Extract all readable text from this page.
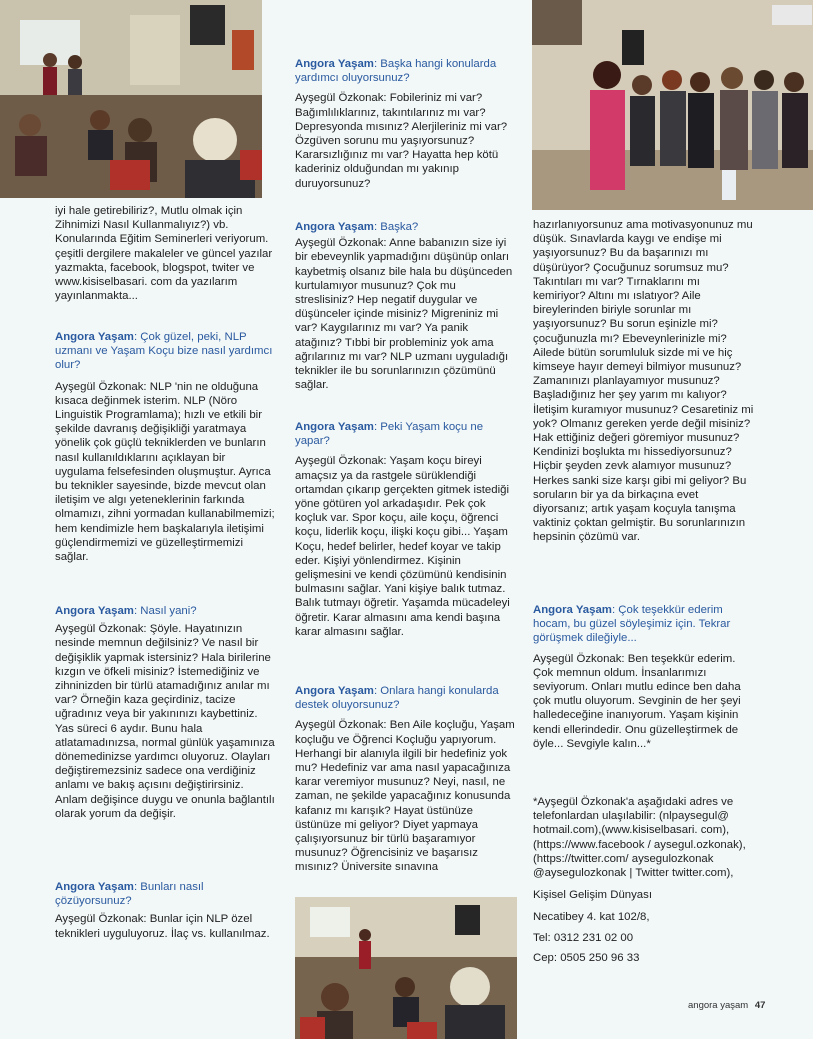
iyi hale getirebiliriz?, Mutlu olmak için Zihnimizi Nasıl Kullanmalıyız?) vb. Konularında Eğitim Seminerleri veriyorum. çeşitli dergilere makaleler ve güncel yazılar yazmakta, facebook, blogspot, twiter ve www.kisiselbasari. com da yazılarım yayınlanmakta...

Angora Yaşam: Çok güzel, peki, NLP uzmanı ve Yaşam Koçu bize nasıl yardımcı olur?

Ayşegül Özkonak: NLP 'nin ne olduğuna kısaca değinmek isterim. NLP (Nöro Linguistik Programlama); hızlı ve etkili bir şekilde davranış değişikliği yaratmaya yönelik çok güçlü tekniklerden ve bunların nasıl kullanıldıklarını açıklayan bir uygulama felsefesinden oluşmuştur. Ayrıca bu teknikler sayesinde, bizde mevcut olan iletişim ve algı yeteneklerinin farkında olmamızı, zihni yormadan kullanabilmemizi; hem kendimizle hem başkalarıyla iletişimi güçlendirmemizi ve güzelleştirmemizi sağlar.

Angora Yaşam: Nasıl yani?

Ayşegül Özkonak: Şöyle. Hayatınızın nesinde memnun değilsiniz? Ve nasıl bir değişiklik yapmak istersiniz? Hala birilerine kızgın ve öfkeli misiniz? İstemediğiniz ve zihninizden bir türlü atamadığınız anılar mı var? Örneğin kaza geçirdiniz, tacize uğradınız veya bir yakınınızı kaybettiniz. Yas süreci 6 aydır. Bunu hala atlatamadınızsa, normal günlük yaşamınıza dönemedinizse yardımcı oluyoruz. Olayları değiştiremezsiniz sadece ona verdiğiniz anlamı ve bakış açısını değiştirirsiniz. Anlam değişince duygu ve onunla bağlantılı olarak yorum da değişir.

Angora Yaşam: Bunları nasıl çözüyorsunuz?

Ayşegül Özkonak: Bunlar için NLP özel teknikleri uyguluyoruz. İlaç vs. kullanılmaz.

Angora Yaşam: Başka hangi konularda yardımcı oluyorsunuz?

Ayşegül Özkonak: Fobileriniz mi var? Bağımlılıklarınız, takıntılarınız mı var? Depresyonda mısınız? Alerjileriniz mi var? Özgüven sorunu mu yaşıyorsunuz? Kararsızlığınız mı var? Hayatta hep kötü kaderiniz olduğundan mı yakınıp duruyorsunuz?

Angora Yaşam: Başka?

Ayşegül Özkonak: Anne babanızın size iyi bir ebeveynlik yapmadığını düşünüp onları kaybetmiş olsanız bile hala bu düşünceden kurtulamıyor musunuz? Çok mu streslisiniz? Hep negatif duygular ve düşünceler içinde misiniz? Migreniniz mi var? Kaygılarınız mı var? Ya panik atağınız? Tıbbi bir probleminiz yok ama ağrılarınız mı var? NLP uzmanı uyguladığı teknikler ile bu sorunlarınızın çözümünü sağlar.

Angora Yaşam: Peki Yaşam koçu ne yapar?

Ayşegül Özkonak: Yaşam koçu bireyi amaçsız ya da rastgele sürüklendiği ortamdan çıkarıp gerçekten gitmek istediği yöne götüren yol arkadaşıdır. Pek çok koçluk var. Spor koçu, aile koçu, öğrenci koçu, liderlik koçu, ilişki koçu gibi... Yaşam Koçu, hedef belirler, hedef koyar ve takip eder. Kişiyi yönlendirmez. Kişinin gelişmesini ve kendi çözümünü kendisinin bulmasını sağlar. Yani kişiye balık tutmaz. Balık tutmayı öğretir. Yaşamda mücadeleyi öğretir. Karar almasını ama kendi başına karar almasını sağlar.

Angora Yaşam: Onlara hangi konularda destek oluyorsunuz?

Ayşegül Özkonak: Ben Aile koçluğu, Yaşam koçluğu ve Öğrenci Koçluğu yapıyorum. Herhangi bir alanıyla ilgili bir hedefiniz yok mu? Hedefiniz var ama nasıl yapacağınıza karar veremiyor musunuz? Neyi, nasıl, ne zaman, ne şekilde yapacağınız konusunda kafanız mı karışık? Hayat üstünüze üstünüze mi geliyor? Diyet yapmaya çalışıyorsunuz bir türlü başaramıyor musunuz? Öğrencisiniz ve başarısız mısınız? Üniversite sınavına

hazırlanıyorsunuz ama motivasyonunuz mu düşük. Sınavlarda kaygı ve endişe mi yaşıyorsunuz? Bu da başarınızı mı düşürüyor? Çocuğunuz sorumsuz mu? Takıntıları mı var? Tırnaklarını mı kemiriyor? Altını mı ıslatıyor? Aile bireylerinden biriyle sorunlar mı yaşıyorsunuz? Bu sorun eşinizle mi? çocuğunuzla mı? Ebeveynlerinizle mi? Ailede bütün sorumluluk sizde mi ve hiç kimseye hayır demeyi bilmiyor musunuz? Zamanınızı planlayamıyor musunuz? Başladığınız her şey yarım mı kalıyor? İletişim kuramıyor musunuz? Cesaretiniz mi yok? Olmanız gereken yerde değil misiniz? Hak ettiğiniz değeri göremiyor musunuz? Kendinizi boşlukta mı hissediyorsunuz? Hiçbir şeyden zevk alamıyor musunuz? Herkes sanki size karşı gibi mi geliyor? Bu soruların bir ya da birkaçına evet diyorsanız; artık yaşam koçuyla tanışma vaktiniz çoktan gelmiştir. Bu sorunlarınızın hepsinin çözümü var.

Angora Yaşam: Çok teşekkür ederim hocam, bu güzel söyleşimiz için. Tekrar görüşmek dileğiyle...

Ayşegül Özkonak: Ben teşekkür ederim. Çok memnun oldum. İnsanlarımızı seviyorum. Onları mutlu edince ben daha çok mutlu oluyorum. Sevginin de her şeyi halledeceğine inanıyorum. Yaşam kişinin kendi ellerindedir. Onu güzelleştirmek de öyle... Sevgiyle kalın...*

*Ayşegül Özkonak'a aşağıdaki adres ve telefonlardan ulaşılabilir: (nlpaysegul@ hotmail.com),(www.kisiselbasari. com), (https://www.facebook / aysegul.ozkonak), (https://twitter.com/ aysegulozkonak @aysegulozkonak | Twitter twitter.com),

Kişisel Gelişim Dünyası

Necatibey 4. kat 102/8,

Tel: 0312 231 02 00

Cep: 0505 250 96 33

angora yaşam 47
